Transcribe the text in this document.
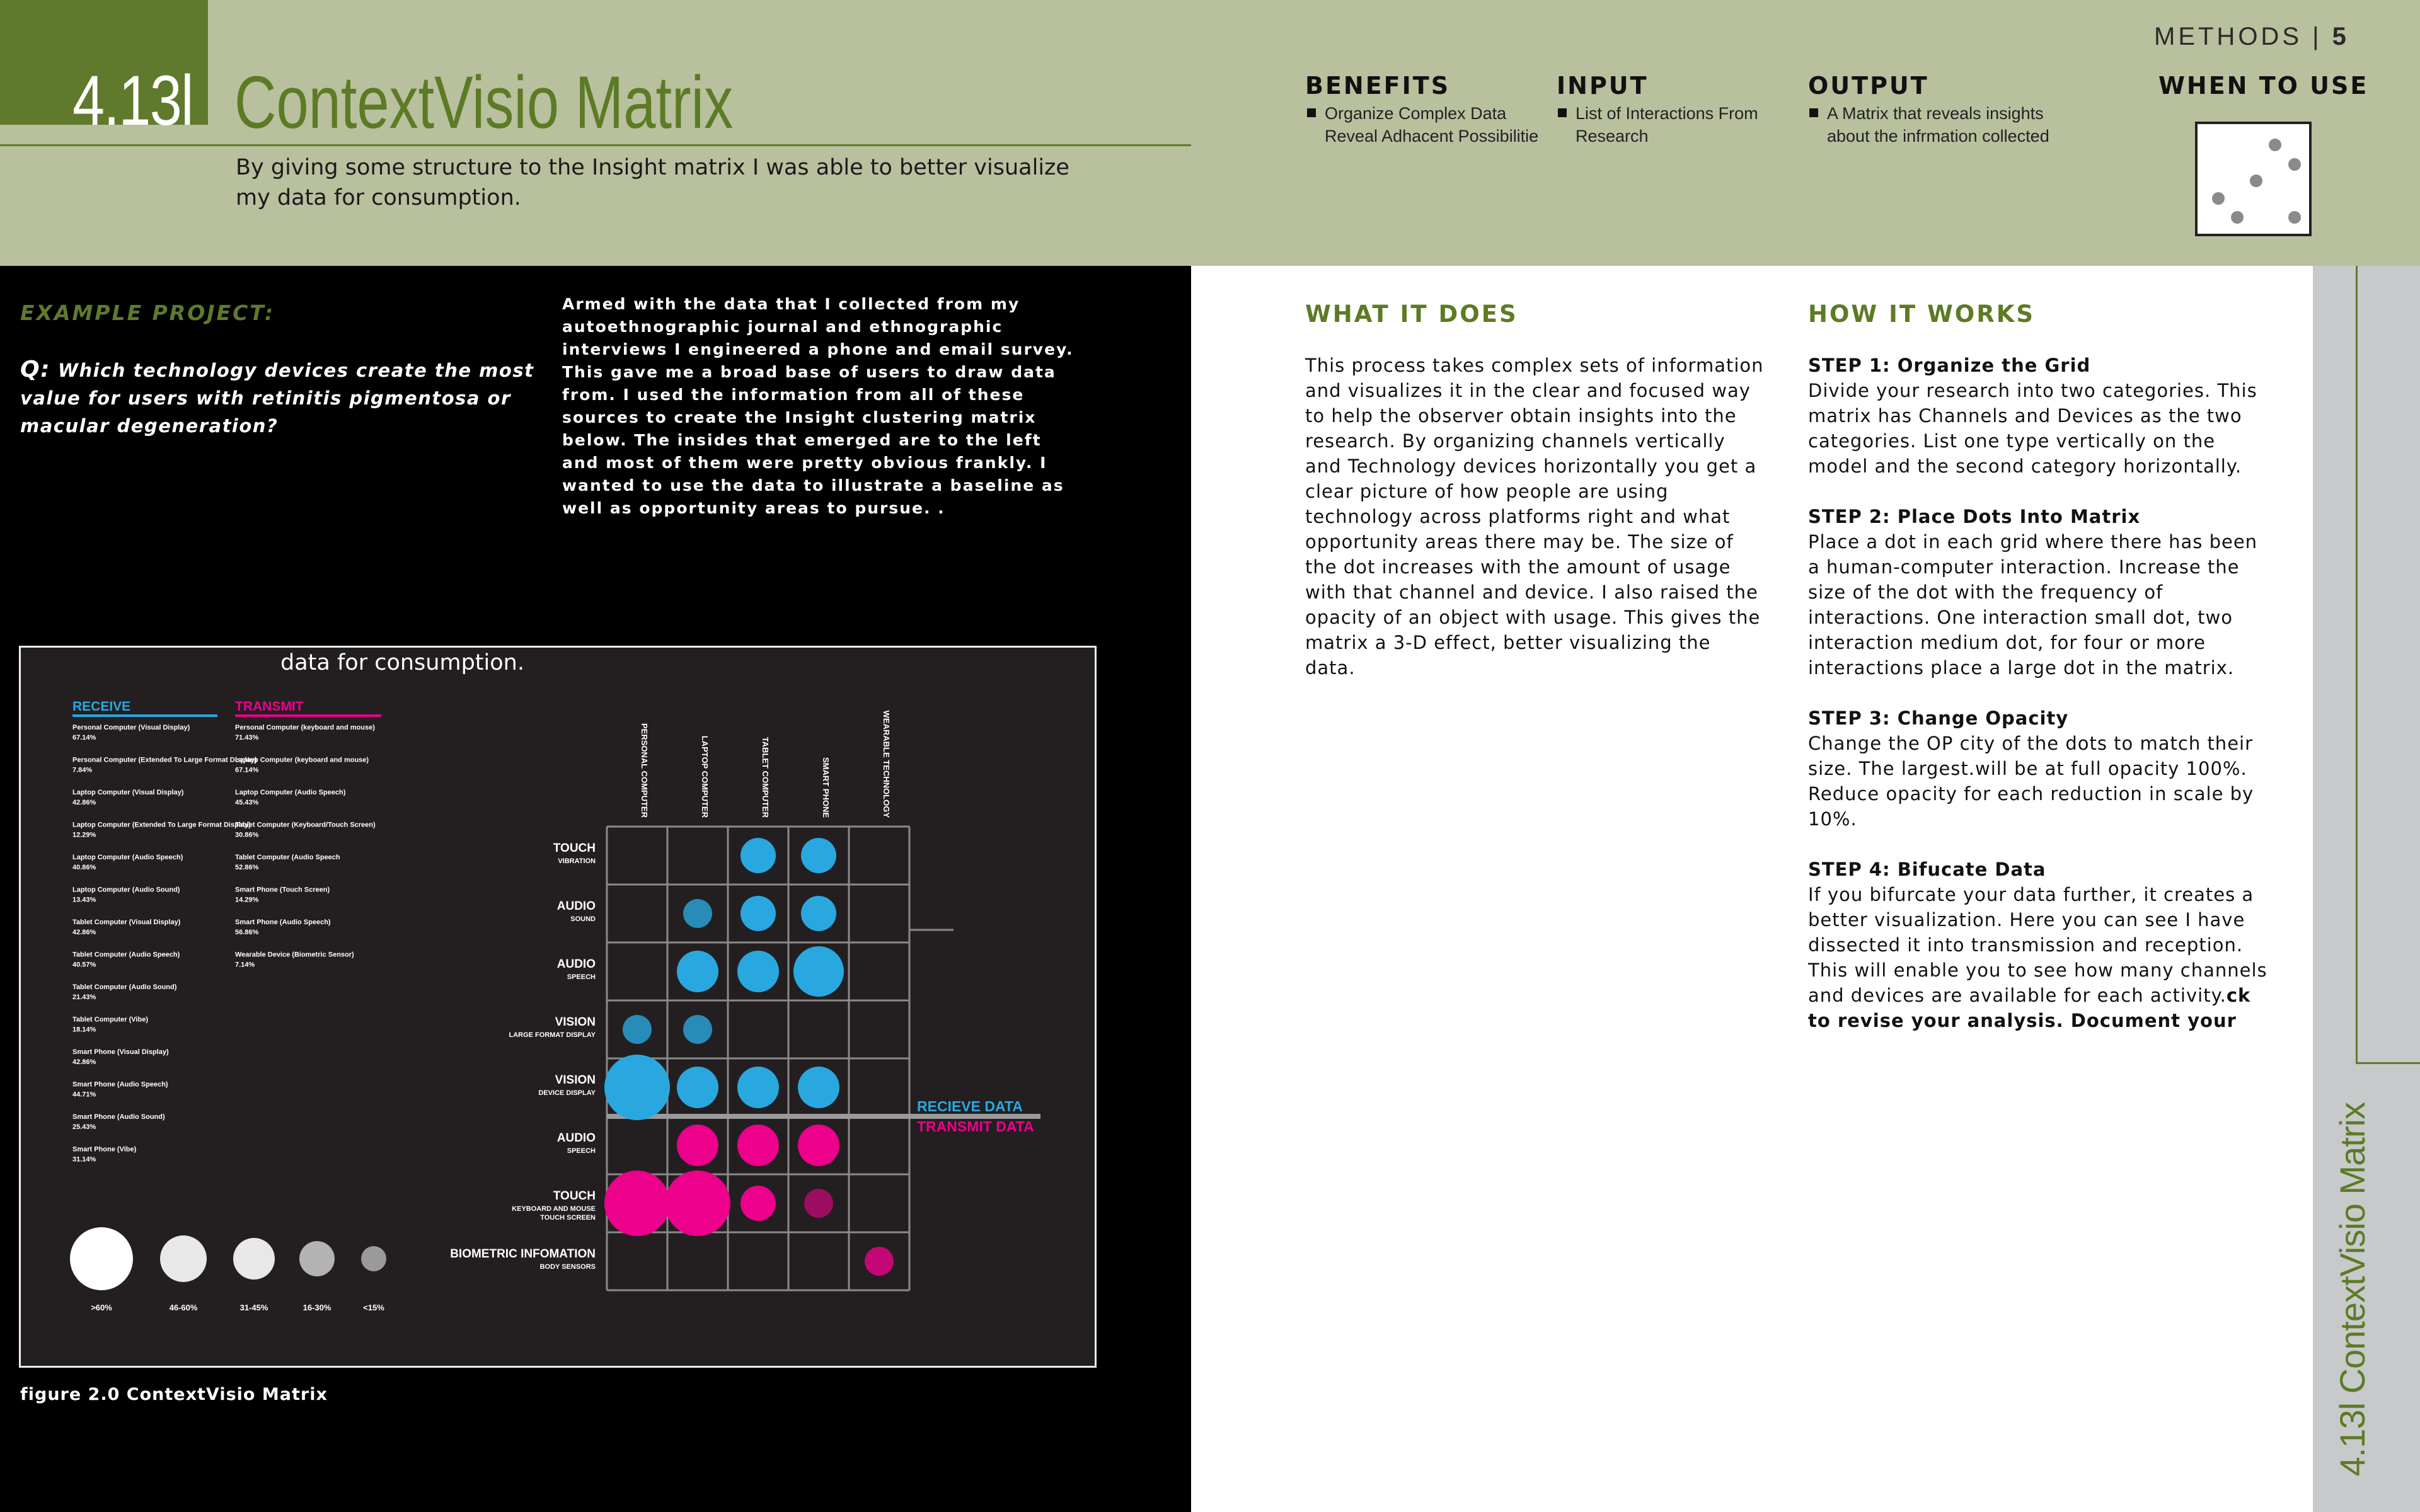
4.13l ContextVisio Matrix
By giving some structure to the Insight matrix I was able to better visualize my data for consumption.
METHODS | 5
BENEFITS
Organize Complex Data
Reveal Adhacent Possibilitie
INPUT
List of Interactions From
Research
OUTPUT
A Matrix that reveals insights
about the infrmation collected
WHEN TO USE
EXAMPLE PROJECT:
Q: Which technology devices create the most value for users with retinitis pigmentosa or macular degeneration?
Armed with the data that I collected from my autoethnographic journal and ethnographic interviews I engineered a phone and email survey. This gave me a broad base of users to draw data from. I used the information from all of these sources to create the Insight clustering matrix below. The insides that emerged are to the left and most of them were pretty obvious frankly. I wanted to use the data to illustrate a baseline as well as opportunity areas to pursue. .
RECEIVE	TRANSMIT
Personal Computer (Visual Display)
67.14%
Personal Computer (Extended To Large Format Display)
7.84%
Laptop Computer (Visual Display)
42.86%
Laptop Computer (Extended To Large Format Display)
12.29%
Laptop Computer (Audio Speech)
40.86%
Laptop Computer (Audio Sound)
13.43%
Tablet Computer (Visual Display)
42.86%
Tablet Computer (Audio Speech)
40.57%
Tablet Computer (Audio Sound)
21.43%
Tablet Computer (Vibe)
18.14%
Smart Phone (Visual Display)
42.86%
Smart Phone (Audio Speech)
44.71%
Smart Phone (Audio Sound)
25.43%
Smart Phone (Vibe)
31.14%
Personal Computer (keyboard and mouse)
71.43%
Laptop Computer (keyboard and mouse)
67.14%
Laptop Computer (Audio Speech)
45.43%
Tablet Computer (Keyboard/Touch Screen)
30.86%
Tablet Computer (Audio Speech
52.86%
Smart Phone (Touch Screen)
14.29%
Smart Phone (Audio Speech)
56.86%
Wearable Device (Biometric Sensor)
7.14%
>60%	46-60%	31-45%	16-30%	<15%
PERSONAL COMPUTER	LAPTOP COMPUTER	TABLET COMPUTER	SMART PHONE	WEARABLE TECHNOLOGY
TOUCH
VIBRATION
AUDIO
SOUND
AUDIO
SPEECH
VISION
LARGE FORMAT DISPLAY
VISION
DEVICE DISPLAY
AUDIO
SPEECH
TOUCH
KEYBOARD AND MOUSE
TOUCH SCREEN
BIOMETRIC INFOMATION
BODY SENSORS
RECIEVE DATA
TRANSMIT DATA
data for consumption.
figure 2.0 ContextVisio Matrix
WHAT IT DOES
This process takes complex sets of information and visualizes it in the clear and focused way to help the observer obtain insights into the research. By organizing channels vertically and Technology devices horizontally you get a clear picture of how people are using technology across platforms right and what opportunity areas there may be. The size of the dot increases with the amount of usage with that channel and device. I also raised the opacity of an object with usage. This gives the matrix a 3-D effect, better visualizing the data.
HOW IT WORKS
STEP 1: Organize the Grid
Divide your research into two categories. This matrix has Channels and Devices as the two categories. List one type vertically on the model and the second category horizontally.
STEP 2: Place Dots Into Matrix
Place a dot in each grid where there has been a human-computer interaction. Increase the size of the dot with the frequency of interactions. One interaction small dot, two interaction medium dot, for four or more interactions place a large dot in the matrix.
STEP 3: Change Opacity
Change the OP city of the dots to match their size. The largest.will be at full opacity 100%. Reduce opacity for each reduction in scale by 10%.
STEP 4: Bifucate Data
If you bifurcate your data further, it creates a better visualization. Here you can see I have dissected it into transmission and reception. This will enable you to see how many channels and devices are available for each activity.ck to revise your analysis. Document your
4.13l ContextVisio Matrix
